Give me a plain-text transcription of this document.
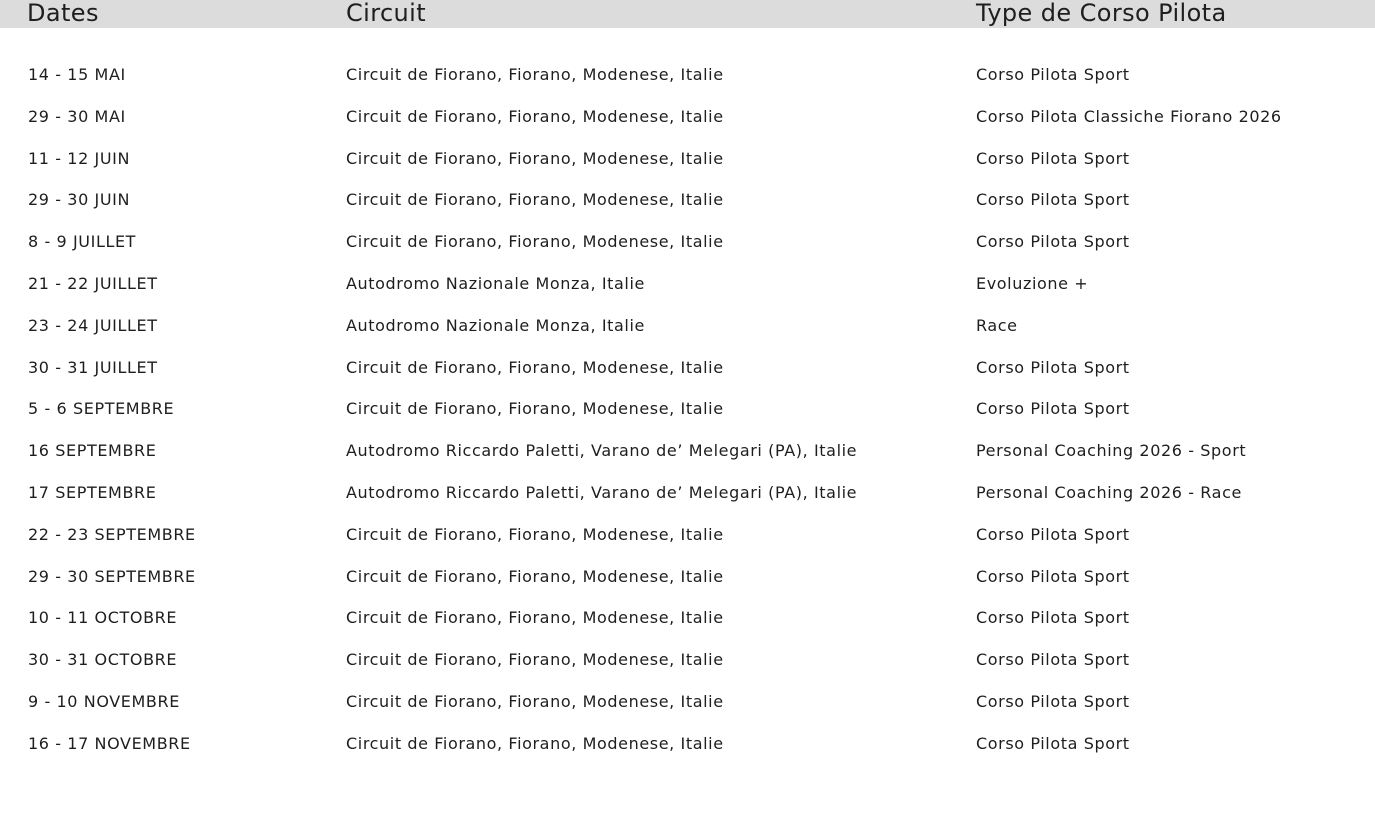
Dates	Circuit	Type de Corso Pilota
14 - 15 MAI	Circuit de Fiorano, Fiorano, Modenese, Italie	Corso Pilota Sport
29 - 30 MAI	Circuit de Fiorano, Fiorano, Modenese, Italie	Corso Pilota Classiche Fiorano 2026
11 - 12 JUIN	Circuit de Fiorano, Fiorano, Modenese, Italie	Corso Pilota Sport
29 - 30 JUIN	Circuit de Fiorano, Fiorano, Modenese, Italie	Corso Pilota Sport
8 - 9 JUILLET	Circuit de Fiorano, Fiorano, Modenese, Italie	Corso Pilota Sport
21 - 22 JUILLET	Autodromo Nazionale Monza, Italie	Evoluzione +
23 - 24 JUILLET	Autodromo Nazionale Monza, Italie	Race
30 - 31 JUILLET	Circuit de Fiorano, Fiorano, Modenese, Italie	Corso Pilota Sport
5 - 6 SEPTEMBRE	Circuit de Fiorano, Fiorano, Modenese, Italie	Corso Pilota Sport
16 SEPTEMBRE	Autodromo Riccardo Paletti, Varano de’ Melegari (PA), Italie	Personal Coaching 2026 - Sport
17 SEPTEMBRE	Autodromo Riccardo Paletti, Varano de’ Melegari (PA), Italie	Personal Coaching 2026 - Race
22 - 23 SEPTEMBRE	Circuit de Fiorano, Fiorano, Modenese, Italie	Corso Pilota Sport
29 - 30 SEPTEMBRE	Circuit de Fiorano, Fiorano, Modenese, Italie	Corso Pilota Sport
10 - 11 OCTOBRE	Circuit de Fiorano, Fiorano, Modenese, Italie	Corso Pilota Sport
30 - 31 OCTOBRE	Circuit de Fiorano, Fiorano, Modenese, Italie	Corso Pilota Sport
9 - 10 NOVEMBRE	Circuit de Fiorano, Fiorano, Modenese, Italie	Corso Pilota Sport
16 - 17 NOVEMBRE	Circuit de Fiorano, Fiorano, Modenese, Italie	Corso Pilota Sport
